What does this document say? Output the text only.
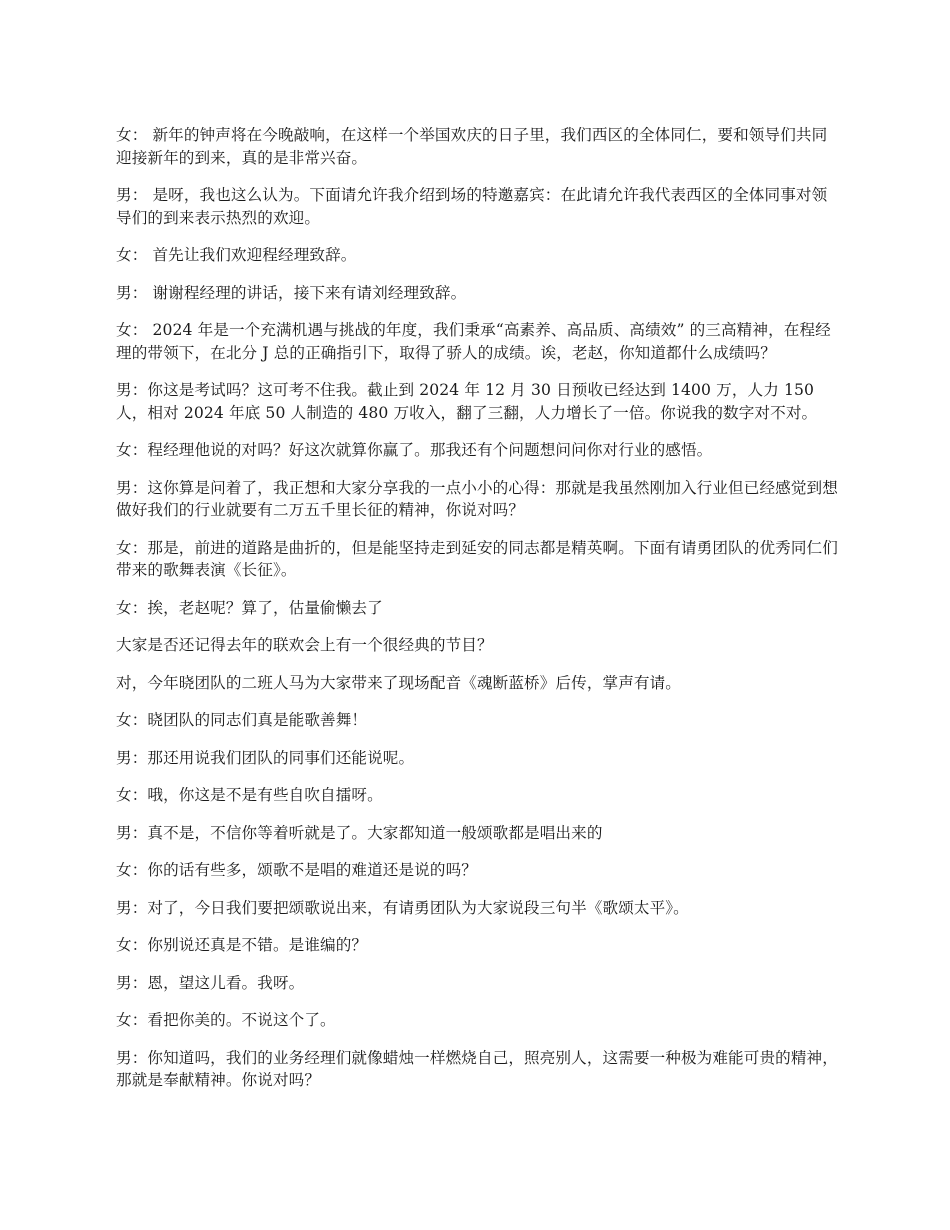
女： 新年的钟声将在今晚敲响，在这样一个举国欢庆的日子里，我们西区的全体同仁，要和领导们共同迎接新年的到来，真的是非常兴奋。

男： 是呀，我也这么认为。下面请允许我介绍到场的特邀嘉宾：在此请允许我代表西区的全体同事对领导们的到来表示热烈的欢迎。

女： 首先让我们欢迎程经理致辞。

男： 谢谢程经理的讲话，接下来有请刘经理致辞。

女： 2024 年是一个充满机遇与挑战的年度，我们秉承“高素养、高品质、高绩效” 的三高精神，在程经理的带领下，在北分 J 总的正确指引下，取得了骄人的成绩。诶，老赵，你知道都什么成绩吗？

男：你这是考试吗？这可考不住我。截止到 2024 年 12 月 30 日预收已经达到 1400 万，人力 150 人，相对 2024 年底 50 人制造的 480 万收入，翻了三翻，人力增长了一倍。你说我的数字对不对。

女：程经理他说的对吗？好这次就算你赢了。那我还有个问题想问问你对行业的感悟。

男：这你算是问着了，我正想和大家分享我的一点小小的心得：那就是我虽然刚加入行业但已经感觉到想做好我们的行业就要有二万五千里长征的精神，你说对吗？

女：那是，前进的道路是曲折的，但是能坚持走到延安的同志都是精英啊。下面有请勇团队的优秀同仁们带来的歌舞表演《长征》。

女：挨，老赵呢？算了，估量偷懒去了

大家是否还记得去年的联欢会上有一个很经典的节目？

对，今年晓团队的二班人马为大家带来了现场配音《魂断蓝桥》后传，掌声有请。

女：晓团队的同志们真是能歌善舞！

男：那还用说我们团队的同事们还能说呢。

女：哦，你这是不是有些自吹自擂呀。

男：真不是，不信你等着听就是了。大家都知道一般颂歌都是唱出来的

女：你的话有些多，颂歌不是唱的难道还是说的吗？

男：对了，今日我们要把颂歌说出来，有请勇团队为大家说段三句半《歌颂太平》。

女：你别说还真是不错。是谁编的？

男：恩，望这儿看。我呀。

女：看把你美的。不说这个了。

男：你知道吗，我们的业务经理们就像蜡烛一样燃烧自己，照亮别人，这需要一种极为难能可贵的精神，那就是奉献精神。你说对吗？
